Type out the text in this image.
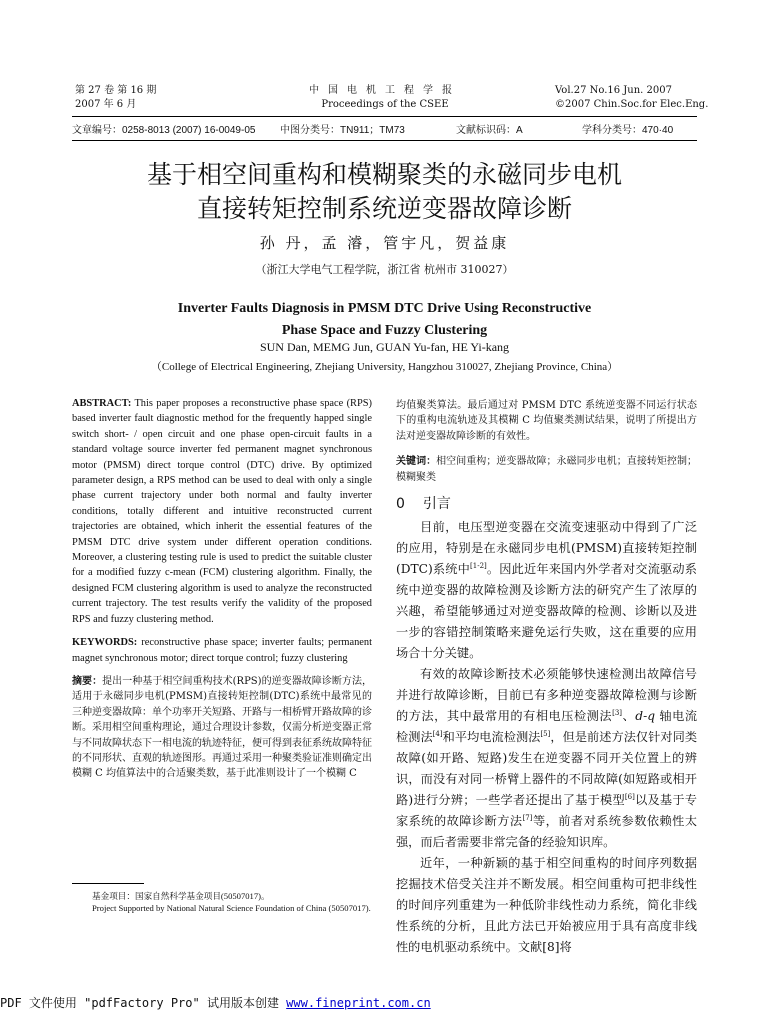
第 27 卷 第 16 期
2007 年 6 月
中国电机工程学报
Proceedings of the CSEE
Vol.27 No.16 Jun. 2007
©2007 Chin.Soc.for Elec.Eng.
文章编号：0258-8013 (2007) 16-0049-05	中图分类号：TN911；TM73	文献标识码：A	学科分类号：470·40
基于相空间重构和模糊聚类的永磁同步电机
直接转矩控制系统逆变器故障诊断
孙 丹，孟 濬，管宇凡，贺益康
（浙江大学电气工程学院，浙江省 杭州市 310027）
Inverter Faults Diagnosis in PMSM DTC Drive Using Reconstructive
Phase Space and Fuzzy Clustering
SUN Dan, MEMG Jun, GUAN Yu-fan, HE Yi-kang
（College of Electrical Engineering, Zhejiang University, Hangzhou 310027, Zhejiang Province, China）

ABSTRACT: This paper proposes a reconstructive phase space (RPS) based inverter fault diagnostic method for the frequently happed single switch short- / open circuit and one phase open-circuit faults in a standard voltage source inverter fed permanent magnet synchronous motor (PMSM) direct torque control (DTC) drive. By optimized parameter design, a RPS method can be used to deal with only a single phase current trajectory under both normal and faulty inverter conditions, totally different and intuitive reconstructed current trajectories are obtained, which inherit the essential features of the PMSM DTC drive system under different operation conditions. Moreover, a clustering testing rule is used to predict the suitable cluster for a modified fuzzy c-mean (FCM) clustering algorithm. Finally, the designed FCM clustering algorithm is used to analyze the reconstructed current trajectory. The test results verify the validity of the proposed RPS and fuzzy clustering method.

KEYWORDS: reconstructive phase space; inverter faults; permanent magnet synchronous motor; direct torque control; fuzzy clustering

摘要：提出一种基于相空间重构技术(RPS)的逆变器故障诊断方法，适用于永磁同步电机(PMSM)直接转矩控制(DTC)系统中最常见的三种逆变器故障：单个功率开关短路、开路与一相桥臂开路故障的诊断。采用相空间重构理论，通过合理设计参数，仅需分析逆变器正常与不同故障状态下一相电流的轨迹特征，便可得到表征系统故障特征的不同形状、直观的轨迹图形。再通过采用一种聚类验证准则确定出模糊 C 均值算法中的合适聚类数，基于此准则设计了一个模糊 C

基金项目：国家自然科学基金项目(50507017)。

Project Supported by National Natural Science Foundation of China (50507017).

均值聚类算法。最后通过对 PMSM DTC 系统逆变器不同运行状态下的重构电流轨迹及其模糊 C 均值聚类测试结果，说明了所提出方法对逆变器故障诊断的有效性。

关键词：相空间重构；逆变器故障；永磁同步电机；直接转矩控制；模糊聚类

0 引言

目前，电压型逆变器在交流变速驱动中得到了广泛的应用，特别是在永磁同步电机(PMSM)直接转矩控制(DTC)系统中[1-2]。因此近年来国内外学者对交流驱动系统中逆变器的故障检测及诊断方法的研究产生了浓厚的兴趣，希望能够通过对逆变器故障的检测、诊断以及进一步的容错控制策略来避免运行失败，这在重要的应用场合十分关键。

有效的故障诊断技术必须能够快速检测出故障信号并进行故障诊断，目前已有多种逆变器故障检测与诊断的方法，其中最常用的有相电压检测法[3]、d-q 轴电流检测法[4]和平均电流检测法[5]，但是前述方法仅针对同类故障(如开路、短路)发生在逆变器不同开关位置上的辨识，而没有对同一桥臂上器件的不同故障(如短路或相开路)进行分辨；一些学者还提出了基于模型[6]以及基于专家系统的故障诊断方法[7]等，前者对系统参数依赖性太强，而后者需要非常完备的经验知识库。

近年，一种新颖的基于相空间重构的时间序列数据挖掘技术倍受关注并不断发展。相空间重构可把非线性的时间序列重建为一种低阶非线性动力系统，简化非线性系统的分析，且此方法已开始被应用于具有高度非线性的电机驱动系统中。文献[8]将

PDF 文件使用 "pdfFactory Pro" 试用版本创建 www.fineprint.com.cn
